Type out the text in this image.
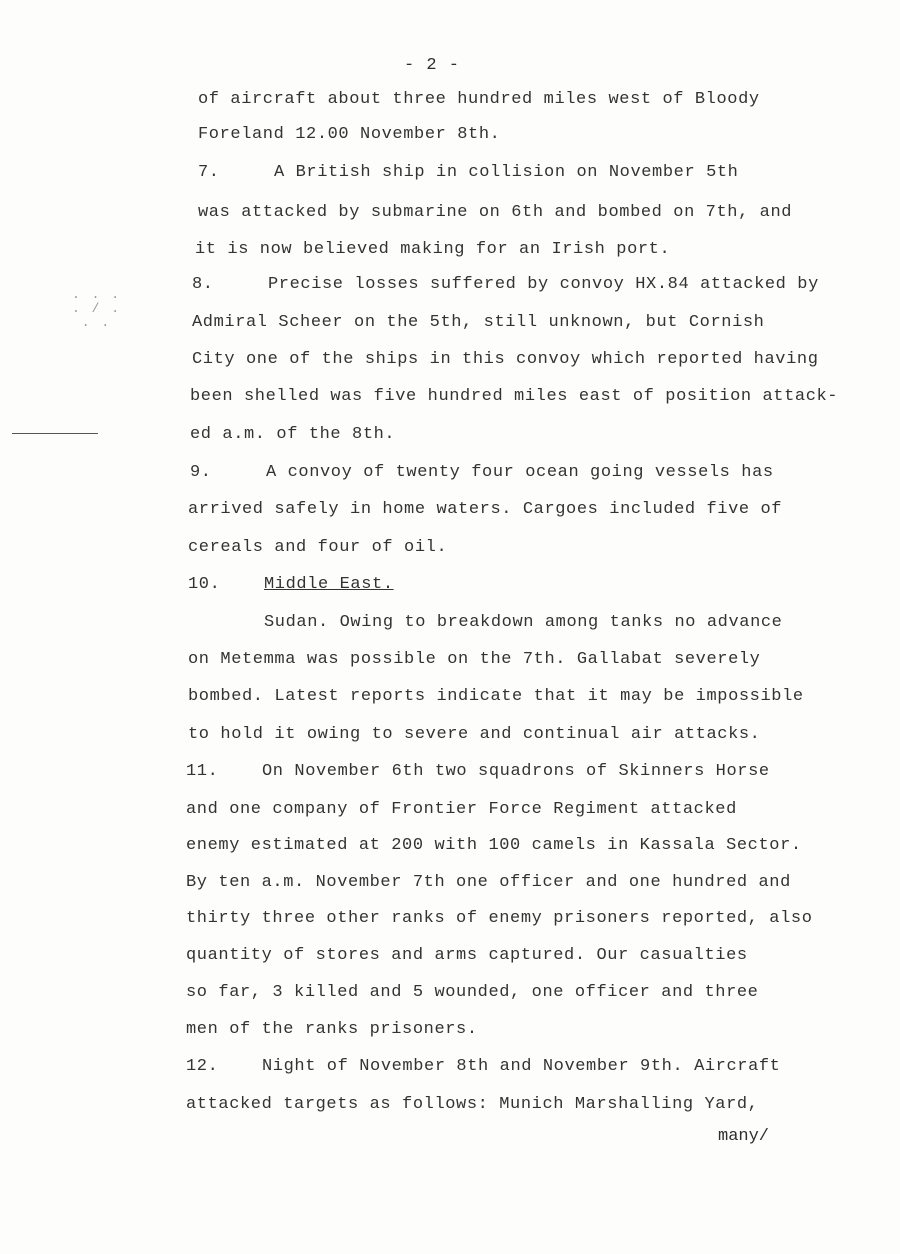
- 2 -
. . .
. / .
. .
of aircraft about three hundred miles west of Bloody
Foreland 12.00 November 8th.
7.	A British ship in collision on November 5th
was attacked by submarine on 6th and bombed on 7th, and
it is now believed making for an Irish port.
8.	Precise losses suffered by convoy HX.84 attacked by
Admiral Scheer on the 5th, still unknown, but Cornish
City one of the ships in this convoy which reported having
been shelled was five hundred miles east of position attack-
ed a.m. of the 8th.
9.	A convoy of twenty four ocean going vessels has
arrived safely in home waters. Cargoes included five of
cereals and four of oil.
10.	Middle East.
Sudan. Owing to breakdown among tanks no advance
on Metemma was possible on the 7th. Gallabat severely
bombed. Latest reports indicate that it may be impossible
to hold it owing to severe and continual air attacks.
11.	On November 6th two squadrons of Skinners Horse
and one company of Frontier Force Regiment attacked
enemy estimated at 200 with 100 camels in Kassala Sector.
By ten a.m. November 7th one officer and one hundred and
thirty three other ranks of enemy prisoners reported, also
quantity of stores and arms captured. Our casualties
so far, 3 killed and 5 wounded, one officer and three
men of the ranks prisoners.
12.	Night of November 8th and November 9th. Aircraft
attacked targets as follows: Munich Marshalling Yard,
many/
